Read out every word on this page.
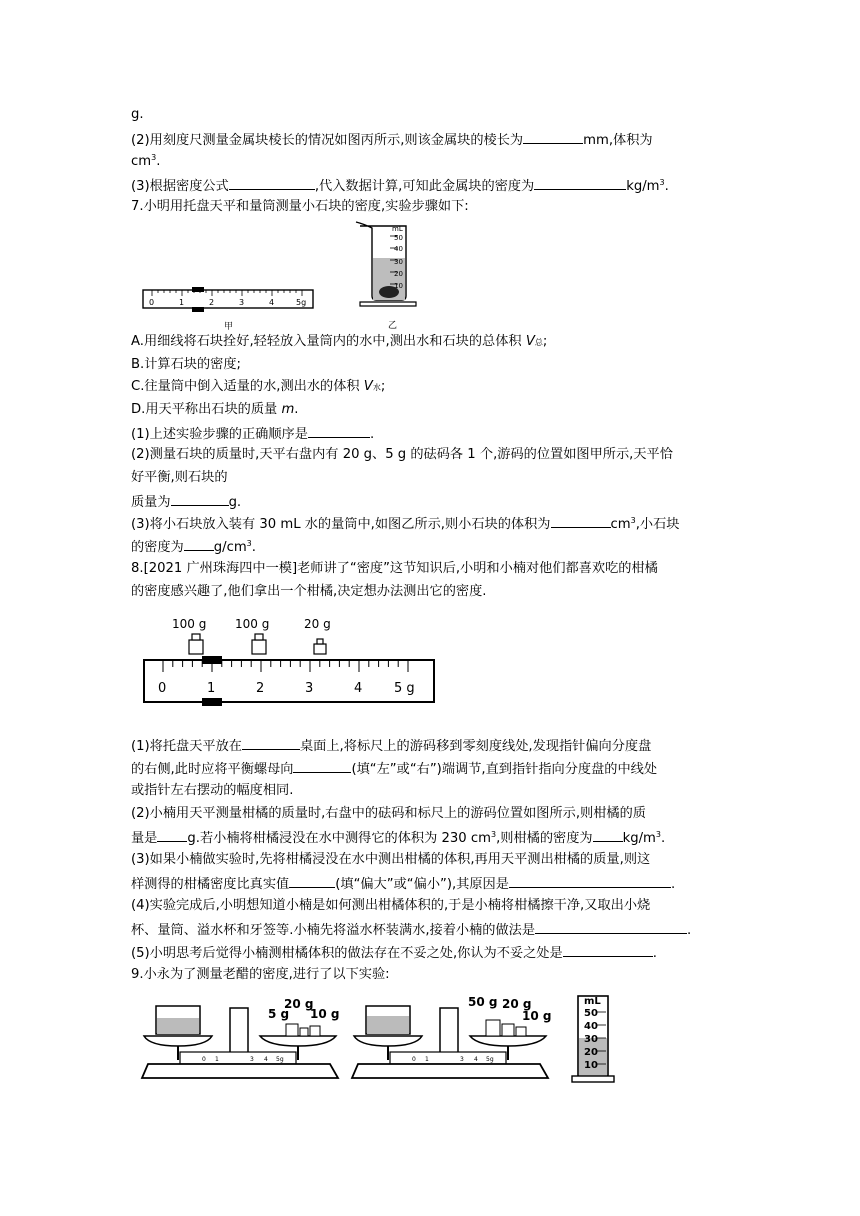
g.
(2)用刻度尺测量金属块棱长的情况如图丙所示,则该金属块的棱长为	mm,体积为
$cm^3$.
(3)根据密度公式	,代入数据计算,可知此金属块的密度为	$kg/m^3$.
7.小明用托盘天平和量筒测量小石块的密度,实验步骤如下:
0	1	2	3	4	5g
甲
mL
50
40
30
20
10
乙
A.用细线将石块拴好,轻轻放入量筒内的水中,测出水和石块的总体积 V总;
B.计算石块的密度;
C.往量筒中倒入适量的水,测出水的体积 V水;
D.用天平称出石块的质量 m.
(1)上述实验步骤的正确顺序是	.
(2)测量石块的质量时,天平右盘内有 20 g、5 g 的砝码各 1 个,游码的位置如图甲所示,天平恰
好平衡,则石块的
质量为	g.
(3)将小石块放入装有 30 mL 水的量筒中,如图乙所示,则小石块的体积为	$cm^3$,小石块
的密度为 $g/cm^3$.
8.[2021 广州珠海四中一模]老师讲了“密度”这节知识后,小明和小楠对他们都喜欢吃的柑橘
的密度感兴趣了,他们拿出一个柑橘,决定想办法测出它的密度.
100 g 100 g	20 g
0	1	2	3	4 5 g
(1)将托盘天平放在	桌面上,将标尺上的游码移到零刻度线处,发现指针偏向分度盘
的右侧,此时应将平衡螺母向	(填“左”或“右”)端调节,直到指针指向分度盘的中线处
或指针左右摆动的幅度相同.
(2)小楠用天平测量柑橘的质量时,右盘中的砝码和标尺上的游码位置如图所示,则柑橘的质
量是 g.若小楠将柑橘浸没在水中测得它的体积为 230 $cm^3$,则柑橘的密度为 $kg/m^3$.
(3)如果小楠做实验时,先将柑橘浸没在水中测出柑橘的体积,再用天平测出柑橘的质量,则这
样测得的柑橘密度比真实值	(填“偏大”或“偏小”),其原因是	.
(4)实验完成后,小明想知道小楠是如何测出柑橘体积的,于是小楠将柑橘擦干净,又取出小烧
杯、量筒、溢水杯和牙签等.小楠先将溢水杯装满水,接着小楠的做法是	.
(5)小明思考后觉得小楠测柑橘体积的做法存在不妥之处,你认为不妥之处是	.
9.小永为了测量老醋的密度,进行了以下实验:
5 g
20 g
10 g
0 1	3 4 5g
50 g 20 g
10 g
0 1	3 4 5g
mL
50
40
30
20
10
